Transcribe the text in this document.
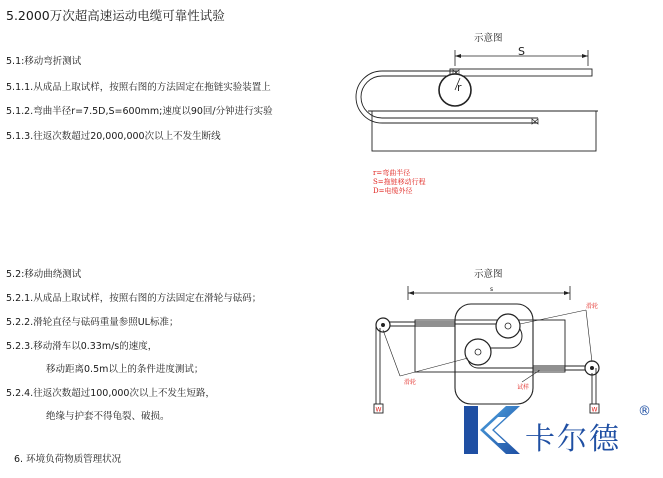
5.2000万次超高速运动电缆可靠性试验
5.1:移动弯折测试
5.1.1.从成品上取试样，按照右图的方法固定在拖链实验装置上
5.1.2.弯曲半径r=7.5D,S=600mm;速度以90回/分钟进行实验
5.1.3.往返次数超过20,000,000次以上不发生断线
示意图
r
S
r=弯曲半径
S=拖链移动行程
D=电缆外径
5.2:移动曲绕测试
5.2.1.从成品上取试样，按照右图的方法固定在滑轮与砝码；
5.2.2.滑轮直径与砝码重量参照UL标准；
5.2.3.移动滑车以0.33m/s的速度，
移动距离0.5m以上的条件进度测试；
5.2.4.往返次数超过100,000次以上不发生短路，
绝缘与护套不得龟裂、破损。
示意图
s
W	W
滑轮
滑轮
试样
6. 环境负荷物质管理状况
卡尔德
®
